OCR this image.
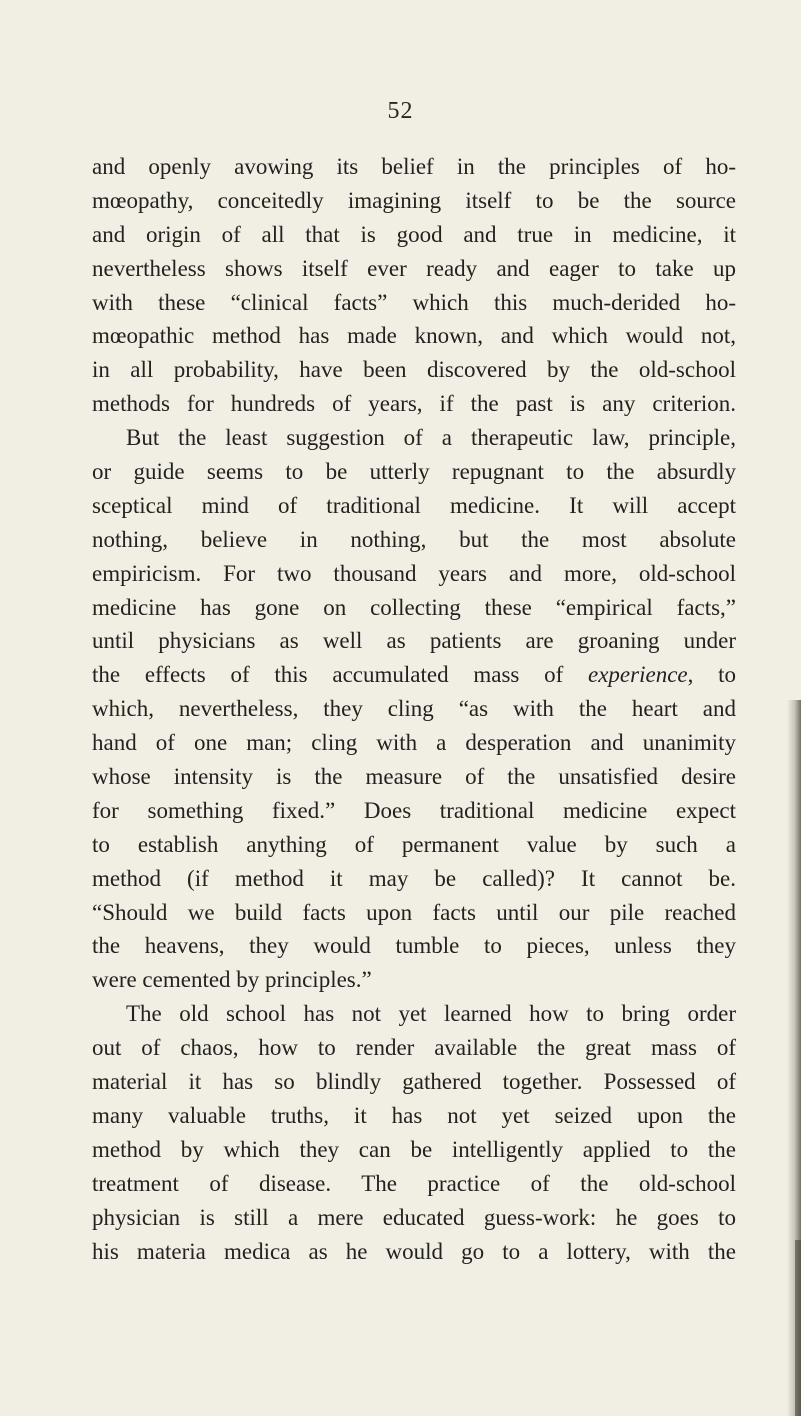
52
and openly avowing its belief in the principles of ho-
mœopathy, conceitedly imagining itself to be the source
and origin of all that is good and true in medicine, it
nevertheless shows itself ever ready and eager to take up
with these “clinical facts” which this much-derided ho-
mœopathic method has made known, and which would not,
in all probability, have been discovered by the old-school
methods for hundreds of years, if the past is any criterion.
But the least suggestion of a therapeutic law, principle,
or guide seems to be utterly repugnant to the absurdly
sceptical mind of traditional medicine. It will accept
nothing, believe in nothing, but the most absolute
empiricism. For two thousand years and more, old-school
medicine has gone on collecting these “empirical facts,”
until physicians as well as patients are groaning under
the effects of this accumulated mass of experience, to
which, nevertheless, they cling “as with the heart and
hand of one man; cling with a desperation and unanimity
whose intensity is the measure of the unsatisfied desire
for something fixed.” Does traditional medicine expect
to establish anything of permanent value by such a
method (if method it may be called)? It cannot be.
“Should we build facts upon facts until our pile reached
the heavens, they would tumble to pieces, unless they
were cemented by principles.”
The old school has not yet learned how to bring order
out of chaos, how to render available the great mass of
material it has so blindly gathered together. Possessed of
many valuable truths, it has not yet seized upon the
method by which they can be intelligently applied to the
treatment of disease. The practice of the old-school
physician is still a mere educated guess-work: he goes to
his materia medica as he would go to a lottery, with the
